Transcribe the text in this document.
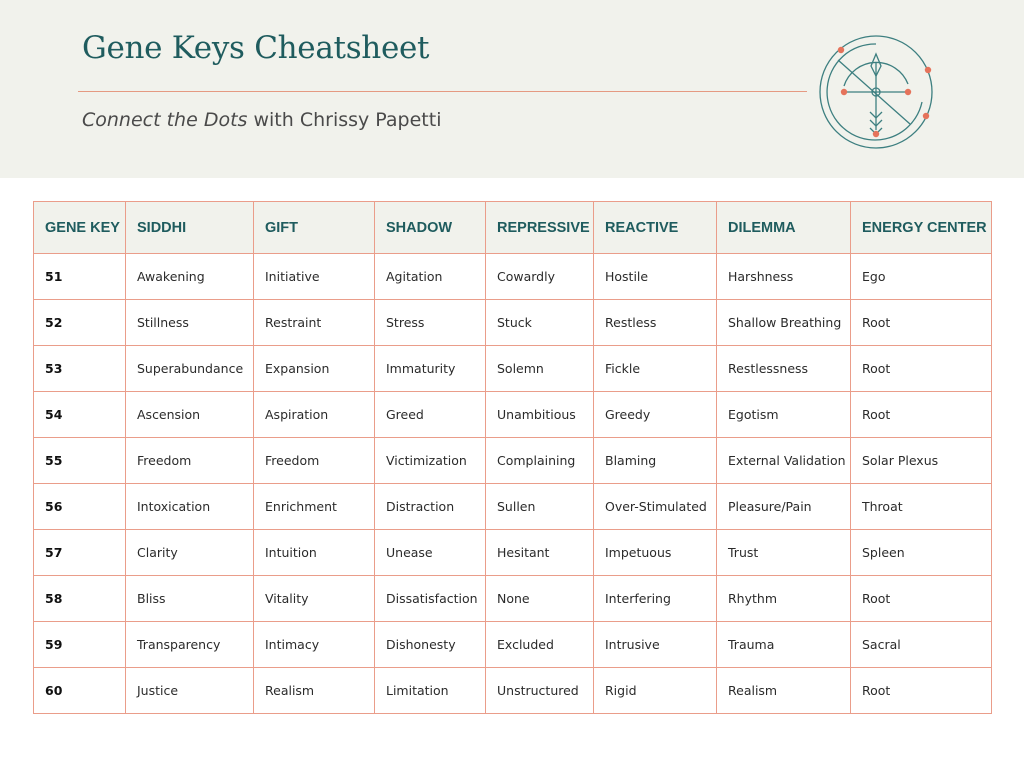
Gene Keys Cheatsheet
Connect the Dots with Chrissy Papetti
GENE KEY	SIDDHI	GIFT	SHADOW	REPRESSIVE	REACTIVE	DILEMMA	ENERGY CENTER
51	Awakening	Initiative	Agitation	Cowardly	Hostile	Harshness	Ego
52	Stillness	Restraint	Stress	Stuck	Restless	Shallow Breathing	Root
53	Superabundance	Expansion	Immaturity	Solemn	Fickle	Restlessness	Root
54	Ascension	Aspiration	Greed	Unambitious	Greedy	Egotism	Root
55	Freedom	Freedom	Victimization	Complaining	Blaming	External Validation	Solar Plexus
56	Intoxication	Enrichment	Distraction	Sullen	Over-Stimulated	Pleasure/Pain	Throat
57	Clarity	Intuition	Unease	Hesitant	Impetuous	Trust	Spleen
58	Bliss	Vitality	Dissatisfaction	None	Interfering	Rhythm	Root
59	Transparency	Intimacy	Dishonesty	Excluded	Intrusive	Trauma	Sacral
60	Justice	Realism	Limitation	Unstructured	Rigid	Realism	Root
